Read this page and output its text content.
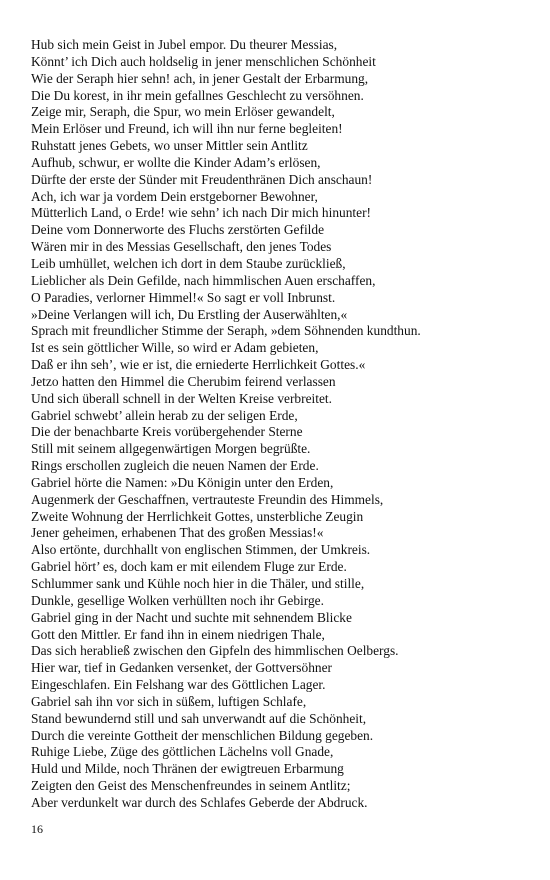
Hub sich mein Geist in Jubel empor. Du theurer Messias,
Könnt’ ich Dich auch holdselig in jener menschlichen Schönheit
Wie der Seraph hier sehn! ach, in jener Gestalt der Erbarmung,
Die Du korest, in ihr mein gefallnes Geschlecht zu versöhnen.
Zeige mir, Seraph, die Spur, wo mein Erlöser gewandelt,
Mein Erlöser und Freund, ich will ihn nur ferne begleiten!
Ruhstatt jenes Gebets, wo unser Mittler sein Antlitz
Aufhub, schwur, er wollte die Kinder Adam’s erlösen,
Dürfte der erste der Sünder mit Freudenthränen Dich anschaun!
Ach, ich war ja vordem Dein erstgeborner Bewohner,
Mütterlich Land, o Erde! wie sehn’ ich nach Dir mich hinunter!
Deine vom Donnerworte des Fluchs zerstörten Gefilde
Wären mir in des Messias Gesellschaft, den jenes Todes
Leib umhüllet, welchen ich dort in dem Staube zurückließ,
Lieblicher als Dein Gefilde, nach himmlischen Auen erschaffen,
O Paradies, verlorner Himmel!« So sagt er voll Inbrunst.
»Deine Verlangen will ich, Du Erstling der Auserwählten,«
Sprach mit freundlicher Stimme der Seraph, »dem Söhnenden kundthun.
Ist es sein göttlicher Wille, so wird er Adam gebieten,
Daß er ihn seh’, wie er ist, die erniederte Herrlichkeit Gottes.«
Jetzo hatten den Himmel die Cherubim feirend verlassen
Und sich überall schnell in der Welten Kreise verbreitet.
Gabriel schwebt’ allein herab zu der seligen Erde,
Die der benachbarte Kreis vorübergehender Sterne
Still mit seinem allgegenwärtigen Morgen begrüßte.
Rings erschollen zugleich die neuen Namen der Erde.
Gabriel hörte die Namen: »Du Königin unter den Erden,
Augenmerk der Geschaffnen, vertrauteste Freundin des Himmels,
Zweite Wohnung der Herrlichkeit Gottes, unsterbliche Zeugin
Jener geheimen, erhabenen That des großen Messias!«
Also ertönte, durchhallt von englischen Stimmen, der Umkreis.
Gabriel hört’ es, doch kam er mit eilendem Fluge zur Erde.
Schlummer sank und Kühle noch hier in die Thäler, und stille,
Dunkle, gesellige Wolken verhüllten noch ihr Gebirge.
Gabriel ging in der Nacht und suchte mit sehnendem Blicke
Gott den Mittler. Er fand ihn in einem niedrigen Thale,
Das sich herabließ zwischen den Gipfeln des himmlischen Oelbergs.
Hier war, tief in Gedanken versenket, der Gottversöhner
Eingeschlafen. Ein Felshang war des Göttlichen Lager.
Gabriel sah ihn vor sich in süßem, luftigen Schlafe,
Stand bewundernd still und sah unverwandt auf die Schönheit,
Durch die vereinte Gottheit der menschlichen Bildung gegeben.
Ruhige Liebe, Züge des göttlichen Lächelns voll Gnade,
Huld und Milde, noch Thränen der ewigtreuen Erbarmung
Zeigten den Geist des Menschenfreundes in seinem Antlitz;
Aber verdunkelt war durch des Schlafes Geberde der Abdruck.
16
